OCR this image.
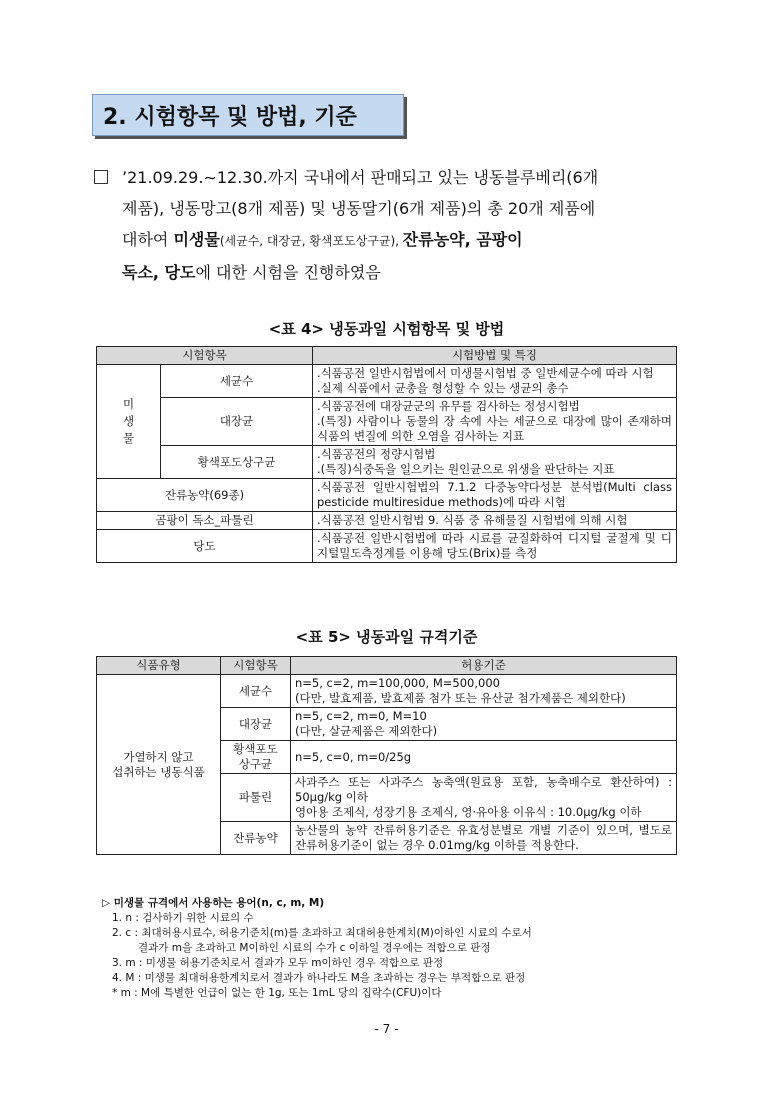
2. 시험항목 및 방법, 기준

’21.09.29.∼12.30.까지 국내에서 판매되고 있는 냉동블루베리(6개

제품), 냉동망고(8개 제품) 및 냉동딸기(6개 제품)의 총 20개 제품에

대하여 미생물(세균수, 대장균, 황색포도상구균), 잔류농약, 곰팡이

독소, 당도에 대한 시험을 진행하였음

<표 4> 냉동과일 시험항목 및 방법
시험항목		시험방법 및 특징
미
생
물	세균수	.식품공전 일반시험법에서 미생물시험법 중 일반세균수에 따라 시험
.실제 식품에서 균총을 형성할 수 있는 생균의 총수
	대장균	.식품공전에 대장균군의 유무를 검사하는 정성시험법
.(특징) 사람이나 동물의 장 속에 사는 세균으로 대장에 많이 존재하며 식품의 변질에 의한 오염을 검사하는 지표
	황색포도상구균	.식품공전의 정량시험법
.(특징)식중독을 일으키는 원인균으로 위생을 판단하는 지표
잔류농약(69종)		.식품공전 일반시험법의 7.1.2 다중농약다성분 분석법(Multi class pesticide multiresidue methods)에 따라 시험
곰팡이 독소_파툴린		.식품공전 일반시험법 9. 식품 중 유해물질 시험법에 의해 시험
당도		.식품공전 일반시험법에 따라 시료를 균질화하여 디지털 굴절계 및 디지털밀도측정계를 이용해 당도(Brix)를 측정
<표 5> 냉동과일 규격기준
식품유형	시험항목	허용기준
가열하지 않고
섭취하는 냉동식품	세균수	n=5, c=2, m=100,000, M=500,000
(다만, 발효제품, 발효제품 첨가 또는 유산균 첨가제품은 제외한다)
	대장균	n=5, c=2, m=0, M=10
(다만, 살균제품은 제외한다)
	황색포도
상구균	n=5, c=0, m=0/25g
	파툴린	사과주스 또는 사과주스 농축액(원료용 포함, 농축배수로 환산하여) : 50μg/kg 이하
영아용 조제식, 성장기용 조제식, 영·유아용 이유식 : 10.0μg/kg 이하
	잔류농약	농산물의 농약 잔류허용기준은 유효성분별로 개별 기준이 있으며, 별도로 잔류허용기준이 없는 경우 0.01mg/kg 이하를 적용한다.
▷ 미생물 규격에서 사용하는 용어(n, c, m, M)
1. n : 검사하기 위한 시료의 수
2. c : 최대허용시료수, 허용기준치(m)를 초과하고 최대허용한계치(M)이하인 시료의 수로서
결과가 m을 초과하고 M이하인 시료의 수가 c 이하일 경우에는 적합으로 판정
3. m : 미생물 허용기준치로서 결과가 모두 m이하인 경우 적합으로 판정
4. M : 미생물 최대허용한계치로서 결과가 하나라도 M을 초과하는 경우는 부적합으로 판정
* m : M에 특별한 언급이 없는 한 1g, 또는 1mL 당의 집락수(CFU)이다
- 7 -
